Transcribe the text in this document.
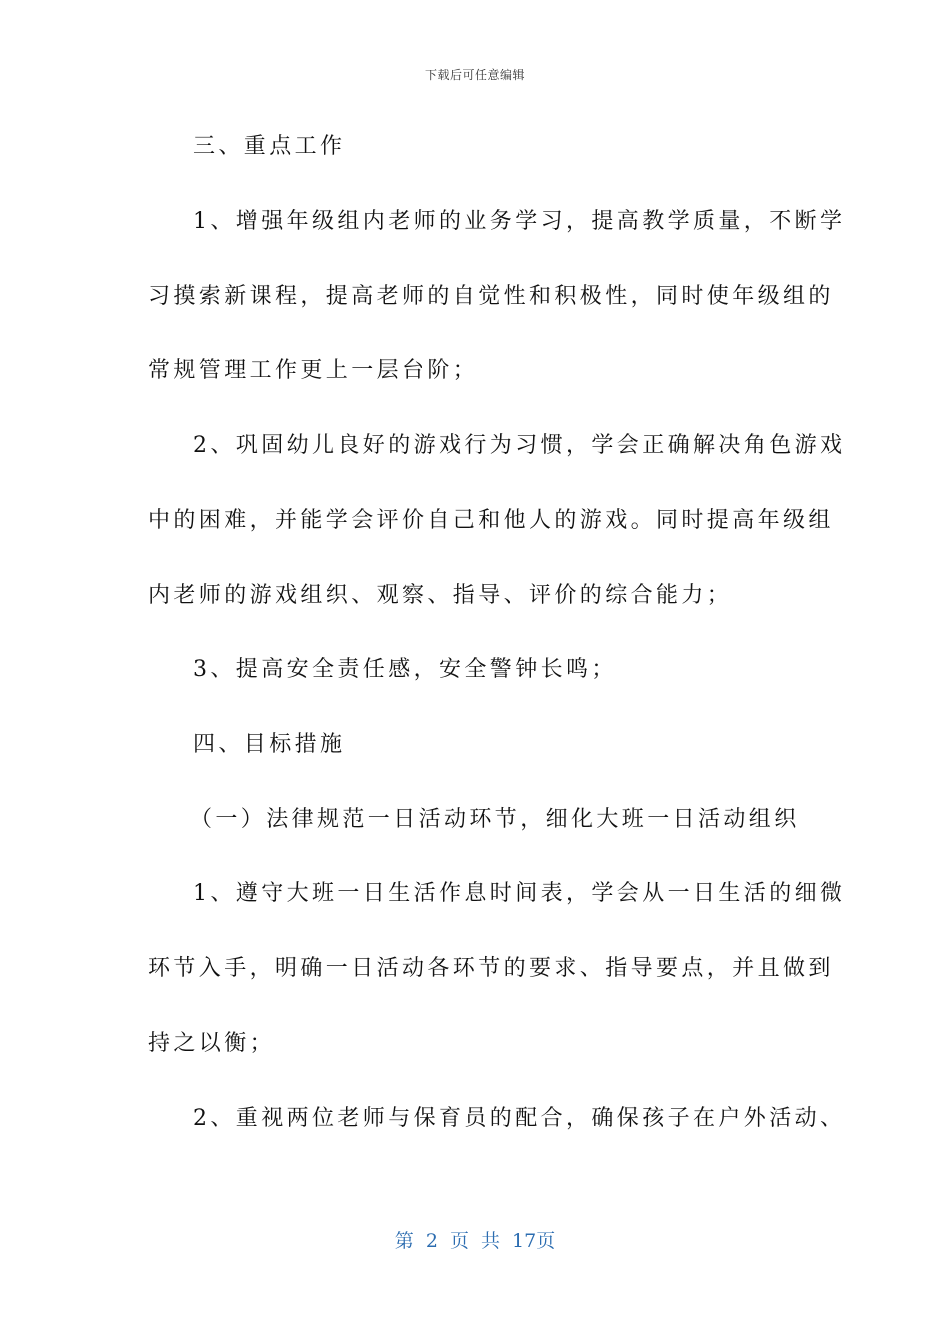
下载后可任意编辑
三、重点工作
1、增强年级组内老师的业务学习，提高教学质量，不断学
习摸索新课程，提高老师的自觉性和积极性，同时使年级组的
常规管理工作更上一层台阶；
2、巩固幼儿良好的游戏行为习惯，学会正确解决角色游戏
中的困难，并能学会评价自己和他人的游戏。同时提高年级组
内老师的游戏组织、观察、指导、评价的综合能力；
3、提高安全责任感，安全警钟长鸣；
四、目标措施
（一）法律规范一日活动环节，细化大班一日活动组织
1、遵守大班一日生活作息时间表，学会从一日生活的细微
环节入手，明确一日活动各环节的要求、指导要点，并且做到
持之以衡；
2、重视两位老师与保育员的配合，确保孩子在户外活动、
第 2 页 共 17页
